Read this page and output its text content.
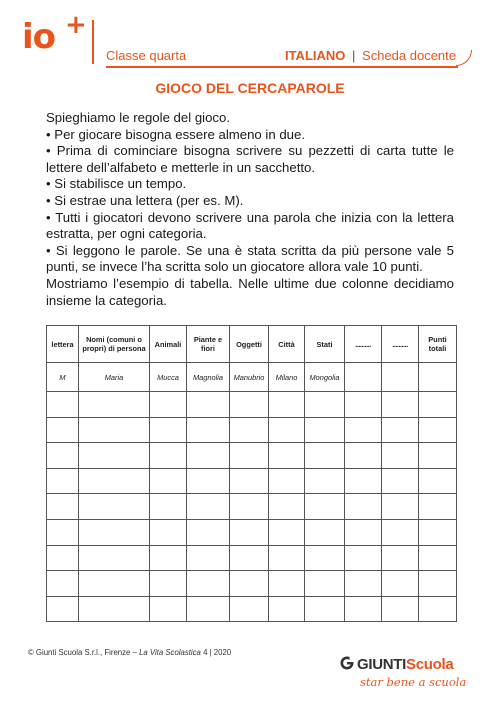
io +
Classe quarta	ITALIANO | Scheda docente
GIOCO DEL CERCAPAROLE

Spieghiamo le regole del gioco.

• Per giocare bisogna essere almeno in due.

• Prima di cominciare bisogna scrivere su pezzetti di carta tutte le lettere dell’alfabeto e metterle in un sacchetto.

• Si stabilisce un tempo.

• Si estrae una lettera (per es. M).

• Tutti i giocatori devono scrivere una parola che inizia con la lettera estratta, per ogni categoria.

• Si leggono le parole. Se una è stata scritta da più persone vale 5 punti, se invece l’ha scritta solo un giocatore allora vale 10 punti.

Mostriamo l’esempio di tabella. Nelle ultime due colonne decidiamo insieme la categoria.

lettera	Nomi (comuni o propri) di persona	Animali	Piante e fiori	Oggetti	Città	Stati	..........	..........	Punti totali
M	Maria	Mucca	Magnolia	Manubrio	Milano	Mongolia			

© Giunti Scuola S.r.l., Firenze – La Vita Scolastica 4 | 2020
GIUNTIScuola
star bene a scuola
